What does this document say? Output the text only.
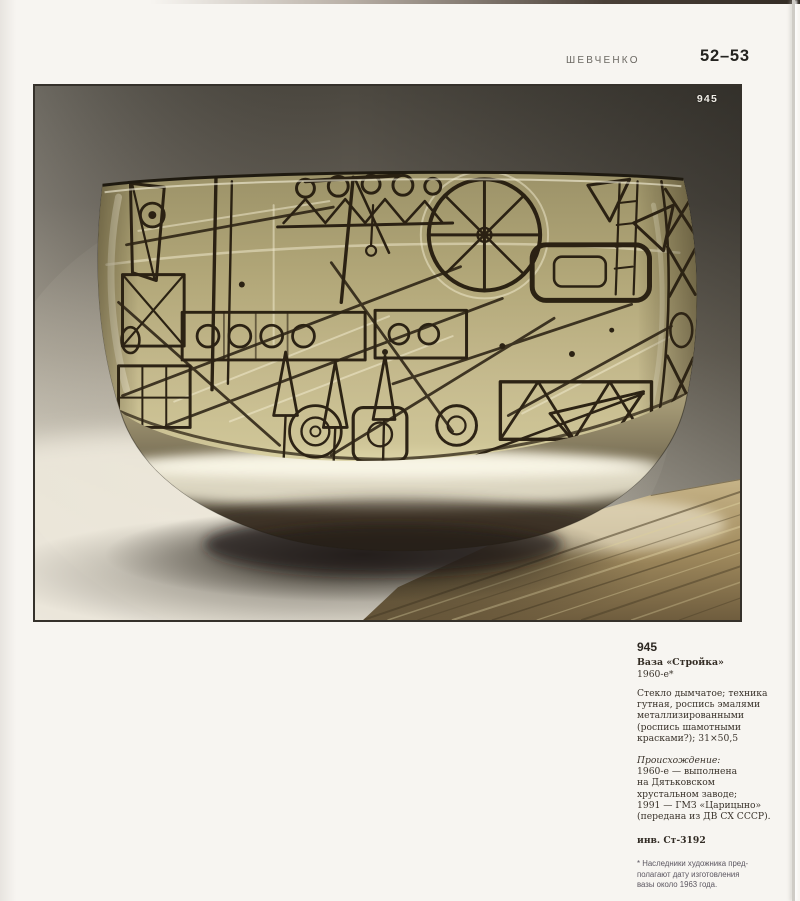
ШЕВЧЕНКО	52–53
945
945
Ваза «Стройка»
1960-е*
Стекло дымчатое; техника
гутная, роспись эмалями
металлизированными
(роспись шамотными
красками?); 31×50,5
Происхождение:
1960-е — выполнена
на Дятьковском
хрустальном заводе;
1991 — ГМЗ «Царицыно»
(передана из ДВ СХ СССР).
инв. Ст-3192
* Наследники художника пред-
полагают дату изготовления
вазы около 1963 года.
